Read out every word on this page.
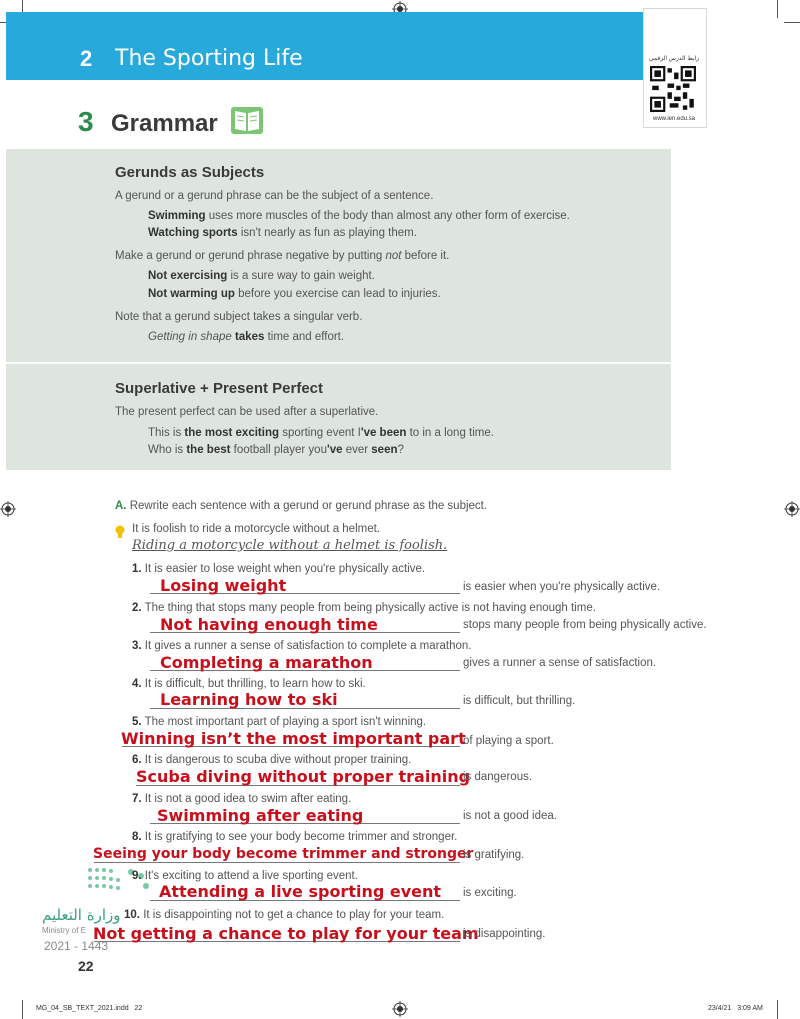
2 The Sporting Life	رابط الدرس الرقمي
www.ien.edu.sa
3 Grammar
Gerunds as Subjects
A gerund or a gerund phrase can be the subject of a sentence.
Swimming uses more muscles of the body than almost any other form of exercise.
Watching sports isn't nearly as fun as playing them.
Make a gerund or gerund phrase negative by putting not before it.
Not exercising is a sure way to gain weight.
Not warming up before you exercise can lead to injuries.
Note that a gerund subject takes a singular verb.
Getting in shape takes time and effort.
Superlative + Present Perfect
The present perfect can be used after a superlative.
This is the most exciting sporting event I've been to in a long time.
Who is the best football player you've ever seen?
A. Rewrite each sentence with a gerund or gerund phrase as the subject.
It is foolish to ride a motorcycle without a helmet.
Riding a motorcycle without a helmet is foolish.
1. It is easier to lose weight when you're physically active.
Losing weight	is easier when you're physically active.
2. The thing that stops many people from being physically active is not having enough time.
Not having enough time	stops many people from being physically active.
3. It gives a runner a sense of satisfaction to complete a marathon.
Completing a marathon	gives a runner a sense of satisfaction.
4. It is difficult, but thrilling, to learn how to ski.
Learning how to ski	is difficult, but thrilling.
5. The most important part of playing a sport isn't winning.
Winning isn’t the most important part
of playing a sport.
6. It is dangerous to scuba dive without proper training.
Scuba diving without proper training
is dangerous.
7. It is not a good idea to swim after eating.
Swimming after eating	is not a good idea.
8. It is gratifying to see your body become trimmer and stronger.
Seeing your body become trimmer and stronger
is gratifying.
9. It's exciting to attend a live sporting event.
Attending a live sporting event is exciting.
10. It is disappointing not to get a chance to play for your team.
Not getting a chance to play for your team
is disappointing.
وزارة التعليم
Ministry of E
2021 - 1443
22
MG_04_SB_TEXT_2021.indd   22	23/4/21   3:09 AM
